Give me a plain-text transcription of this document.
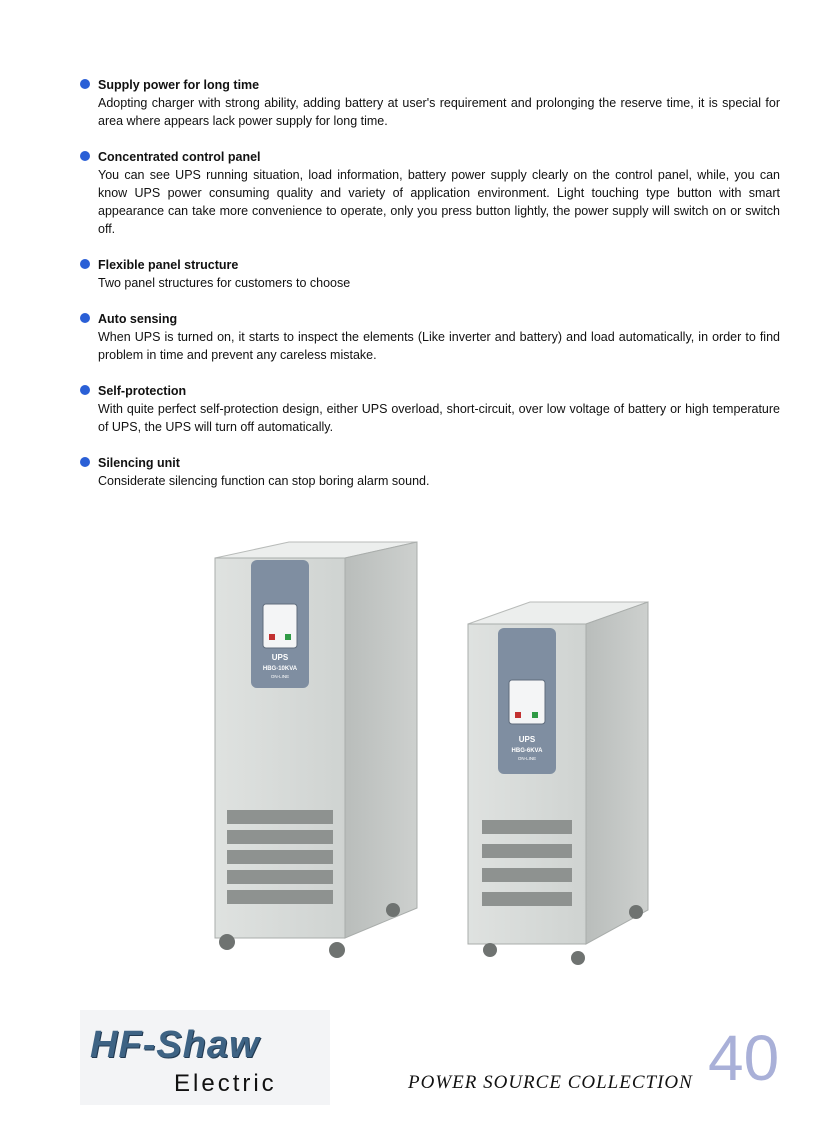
Supply power for long time
Adopting charger with strong ability, adding battery at user's requirement and prolonging the reserve time, it is special for area where appears lack power supply for long time.
Concentrated control panel
You can see UPS running situation, load information, battery power supply clearly on the control panel, while, you can know UPS power consuming quality and variety of application environment. Light touching type button with smart appearance can take more convenience to operate, only you press button lightly, the power supply will switch on or switch off.
Flexible panel structure
Two panel structures for customers to choose
Auto sensing
When UPS is turned on, it starts to inspect the elements (Like inverter and battery) and load automatically, in order to find problem in time and prevent any careless mistake.
Self-protection
With quite perfect self-protection design, either UPS overload, short-circuit, over low voltage of battery or high temperature of UPS, the UPS will turn off automatically.
Silencing unit
Considerate silencing function can stop boring alarm sound.
UPS
HBG-10KVA
ON-LINE
UPS
HBG-6KVA
ON-LINE
HF-Shaw
Electric	POWER SOURCE COLLECTION 40
